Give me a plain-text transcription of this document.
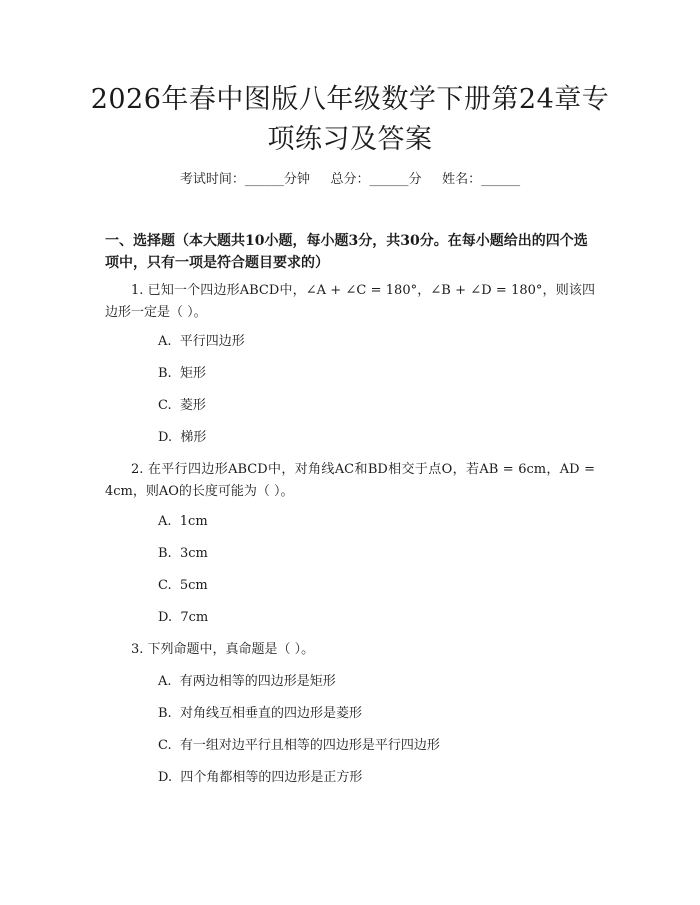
2026年春中图版八年级数学下册第24章专
项练习及答案
考试时间：______分钟     总分：______分     姓名：______
一、选择题（本大题共10小题，每小题3分，共30分。在每小题给出的四个选项中，只有一项是符合题目要求的）
1. 已知一个四边形ABCD中，∠A + ∠C = 180°，∠B + ∠D = 180°，则该四边形一定是（ ）。
A.  平行四边形
B.  矩形
C.  菱形
D.  梯形
2. 在平行四边形ABCD中，对角线AC和BD相交于点O，若AB = 6cm，AD = 4cm，则AO的长度可能为（ ）。
A.  1cm
B.  3cm
C.  5cm
D.  7cm
3. 下列命题中，真命题是（ ）。
A.  有两边相等的四边形是矩形
B.  对角线互相垂直的四边形是菱形
C.  有一组对边平行且相等的四边形是平行四边形
D.  四个角都相等的四边形是正方形
